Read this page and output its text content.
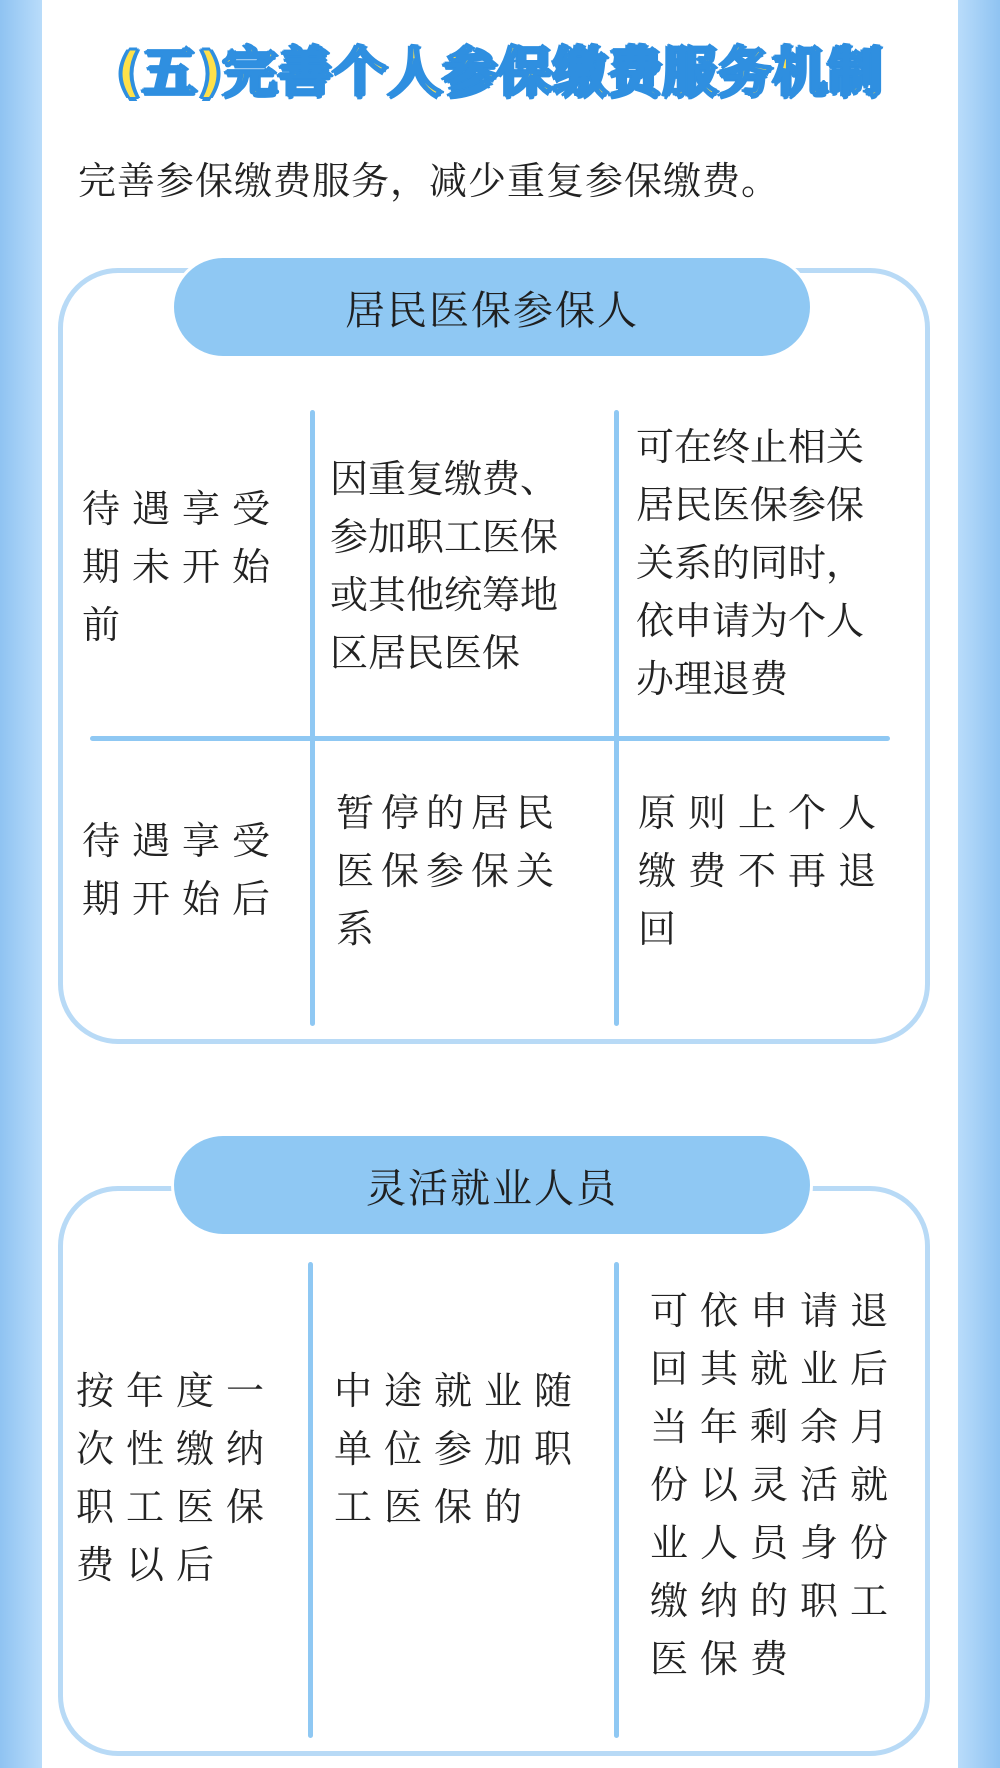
(五)完善个人参保缴费服务机制
完善参保缴费服务，减少重复参保缴费。
居民医保参保人
待遇享受
期未开始
前
因重复缴费、
参加职工医保
或其他统筹地
区居民医保
可在终止相关
居民医保参保
关系的同时，
依申请为个人
办理退费
待遇享受
期开始后
暂停的居民
医保参保关
系
原则上个人
缴费不再退
回
灵活就业人员
按年度一
次性缴纳
职工医保
费以后
中途就业随
单位参加职
工医保的
可依申请退
回其就业后
当年剩余月
份以灵活就
业人员身份
缴纳的职工
医保费
